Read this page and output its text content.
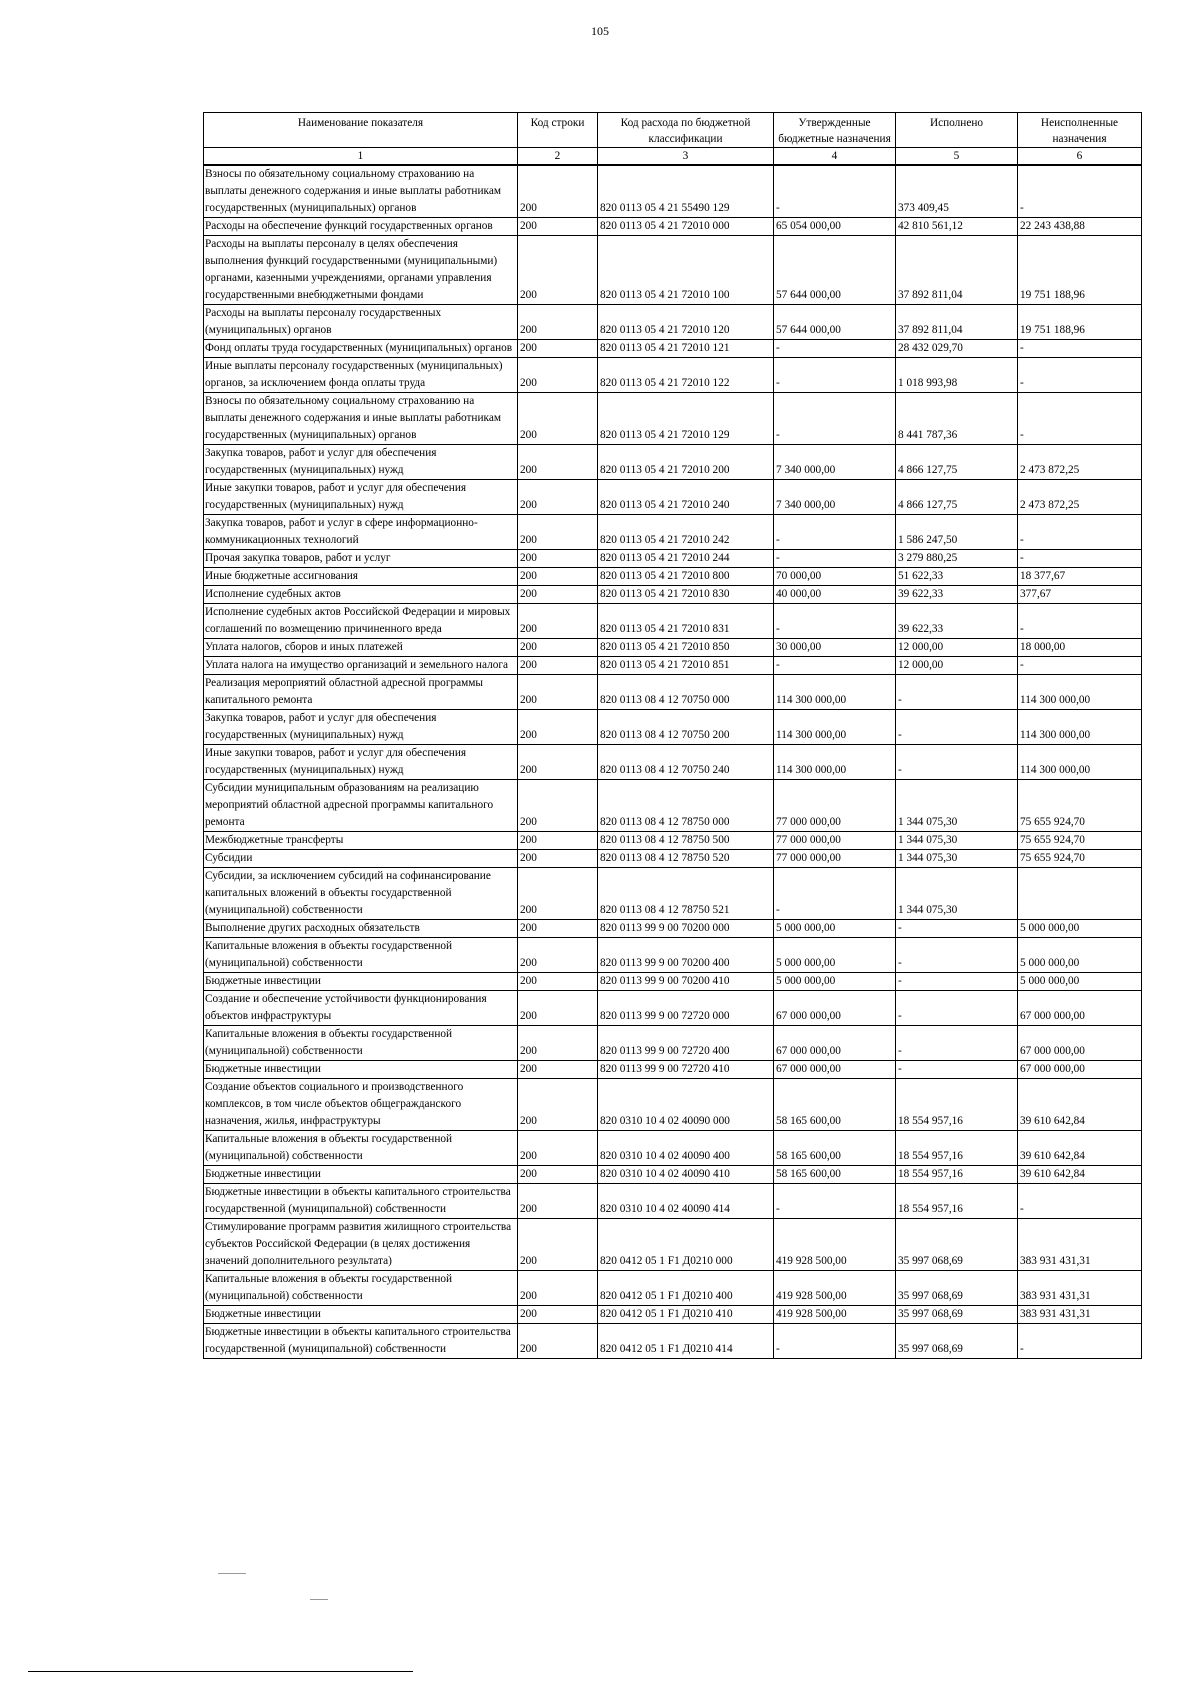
105
Наименование показателя	Код строки	Код расхода по бюджетной классификации	Утвержденные бюджетные назначения	Исполнено	Неисполненные назначения
1	2	3	4	5	6
Взносы по обязательному социальному страхованию на выплаты денежного содержания и иные выплаты работникам государственных (муниципальных) органов	200	820 0113 05 4 21 55490 129	-	373 409,45	-
Расходы на обеспечение функций государственных органов	200	820 0113 05 4 21 72010 000	65 054 000,00	42 810 561,12	22 243 438,88
Расходы на выплаты персоналу в целях обеспечения выполнения функций государственными (муниципальными) органами, казенными учреждениями, органами управления государственными внебюджетными фондами	200	820 0113 05 4 21 72010 100	57 644 000,00	37 892 811,04	19 751 188,96
Расходы на выплаты персоналу государственных (муниципальных) органов	200	820 0113 05 4 21 72010 120	57 644 000,00	37 892 811,04	19 751 188,96
Фонд оплаты труда государственных (муниципальных) органов	200	820 0113 05 4 21 72010 121	-	28 432 029,70	-
Иные выплаты персоналу государственных (муниципальных) органов, за исключением фонда оплаты труда	200	820 0113 05 4 21 72010 122	-	1 018 993,98	-
Взносы по обязательному социальному страхованию на выплаты денежного содержания и иные выплаты работникам государственных (муниципальных) органов	200	820 0113 05 4 21 72010 129	-	8 441 787,36	-
Закупка товаров, работ и услуг для обеспечения государственных (муниципальных) нужд	200	820 0113 05 4 21 72010 200	7 340 000,00	4 866 127,75	2 473 872,25
Иные закупки товаров, работ и услуг для обеспечения государственных (муниципальных) нужд	200	820 0113 05 4 21 72010 240	7 340 000,00	4 866 127,75	2 473 872,25
Закупка товаров, работ и услуг в сфере информационно-коммуникационных технологий	200	820 0113 05 4 21 72010 242	-	1 586 247,50	-
Прочая закупка товаров, работ и услуг	200	820 0113 05 4 21 72010 244	-	3 279 880,25	-
Иные бюджетные ассигнования	200	820 0113 05 4 21 72010 800	70 000,00	51 622,33	18 377,67
Исполнение судебных актов	200	820 0113 05 4 21 72010 830	40 000,00	39 622,33	377,67
Исполнение судебных актов Российской Федерации и мировых соглашений по возмещению причиненного вреда	200	820 0113 05 4 21 72010 831	-	39 622,33	-
Уплата налогов, сборов и иных платежей	200	820 0113 05 4 21 72010 850	30 000,00	12 000,00	18 000,00
Уплата налога на имущество организаций и земельного налога	200	820 0113 05 4 21 72010 851	-	12 000,00	-
Реализация мероприятий областной адресной программы капитального ремонта	200	820 0113 08 4 12 70750 000	114 300 000,00	-	114 300 000,00
Закупка товаров, работ и услуг для обеспечения государственных (муниципальных) нужд	200	820 0113 08 4 12 70750 200	114 300 000,00	-	114 300 000,00
Иные закупки товаров, работ и услуг для обеспечения государственных (муниципальных) нужд	200	820 0113 08 4 12 70750 240	114 300 000,00	-	114 300 000,00
Субсидии муниципальным образованиям на реализацию мероприятий областной адресной программы капитального ремонта	200	820 0113 08 4 12 78750 000	77 000 000,00	1 344 075,30	75 655 924,70
Межбюджетные трансферты	200	820 0113 08 4 12 78750 500	77 000 000,00	1 344 075,30	75 655 924,70
Субсидии	200	820 0113 08 4 12 78750 520	77 000 000,00	1 344 075,30	75 655 924,70
Субсидии, за исключением субсидий на софинансирование капитальных вложений в объекты государственной (муниципальной) собственности	200	820 0113 08 4 12 78750 521	-	1 344 075,30	
Выполнение других расходных обязательств	200	820 0113 99 9 00 70200 000	5 000 000,00	-	5 000 000,00
Капитальные вложения в объекты государственной (муниципальной) собственности	200	820 0113 99 9 00 70200 400	5 000 000,00	-	5 000 000,00
Бюджетные инвестиции	200	820 0113 99 9 00 70200 410	5 000 000,00	-	5 000 000,00
Создание и обеспечение устойчивости функционирования объектов инфраструктуры	200	820 0113 99 9 00 72720 000	67 000 000,00	-	67 000 000,00
Капитальные вложения в объекты государственной (муниципальной) собственности	200	820 0113 99 9 00 72720 400	67 000 000,00	-	67 000 000,00
Бюджетные инвестиции	200	820 0113 99 9 00 72720 410	67 000 000,00	-	67 000 000,00
Создание объектов социального и производственного комплексов, в том числе объектов общегражданского назначения, жилья, инфраструктуры	200	820 0310 10 4 02 40090 000	58 165 600,00	18 554 957,16	39 610 642,84
Капитальные вложения в объекты государственной (муниципальной) собственности	200	820 0310 10 4 02 40090 400	58 165 600,00	18 554 957,16	39 610 642,84
Бюджетные инвестиции	200	820 0310 10 4 02 40090 410	58 165 600,00	18 554 957,16	39 610 642,84
Бюджетные инвестиции в объекты капитального строительства государственной (муниципальной) собственности	200	820 0310 10 4 02 40090 414	-	18 554 957,16	-
Стимулирование программ развития жилищного строительства субъектов Российской Федерации (в целях достижения значений дополнительного результата)	200	820 0412 05 1 F1 Д0210 000	419 928 500,00	35 997 068,69	383 931 431,31
Капитальные вложения в объекты государственной (муниципальной) собственности	200	820 0412 05 1 F1 Д0210 400	419 928 500,00	35 997 068,69	383 931 431,31
Бюджетные инвестиции	200	820 0412 05 1 F1 Д0210 410	419 928 500,00	35 997 068,69	383 931 431,31
Бюджетные инвестиции в объекты капитального строительства государственной (муниципальной) собственности	200	820 0412 05 1 F1 Д0210 414	-	35 997 068,69	-
